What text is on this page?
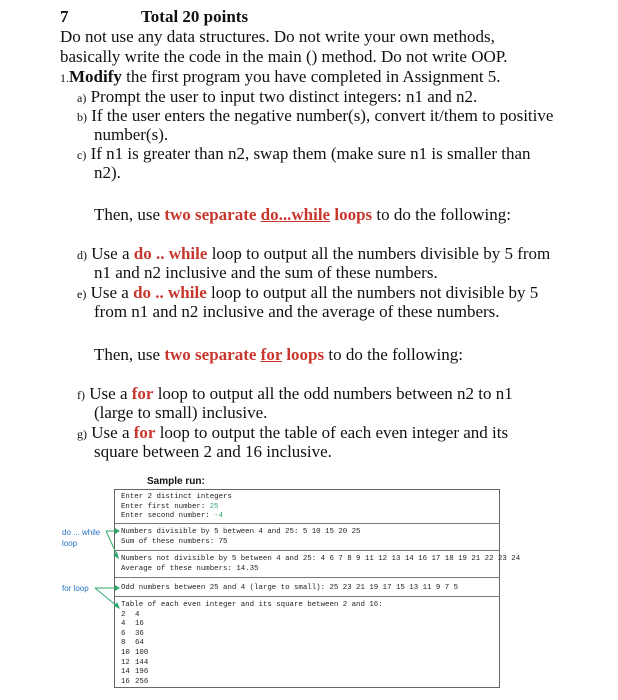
7	Total 20 points
Do not use any data structures. Do not write your own methods,
basically write the code in the main () method. Do not write OOP.
1.Modify the first program you have completed in Assignment 5.
a) Prompt the user to input two distinct integers: n1 and n2.
b) If the user enters the negative number(s), convert it/them to positive
number(s).
c) If n1 is greater than n2, swap them (make sure n1 is smaller than
n2).
Then, use two separate do...while loops to do the following:
d) Use a do .. while loop to output all the numbers divisible by 5 from
n1 and n2 inclusive and the sum of these numbers.
e) Use a do .. while loop to output all the numbers not divisible by 5
from n1 and n2 inclusive and the average of these numbers.
Then, use two separate for loops to do the following:
f) Use a for loop to output all the odd numbers between n2 to n1
(large to small) inclusive.
g) Use a for loop to output the table of each even integer and its
square between 2 and 16 inclusive.
Sample run:
Enter 2 distinct integers
Enter first number: 25
Enter second number: -4
Numbers divisible by 5 between 4 and 25: 5 10 15 20 25
Sum of these numbers: 75
Numbers not divisible by 5 between 4 and 25: 4 6 7 8 9 11 12 13 14 16 17 18 19 21 22 23 24
Average of these numbers: 14.35
Odd numbers between 25 and 4 (large to small): 25 23 21 19 17 15 13 11 9 7 5
Table of each even integer and its square between 2 and 16:
2 4
4 16
6 36
8 64
10 100
12 144
14 196
16 256
do ... while
loop
for loop
